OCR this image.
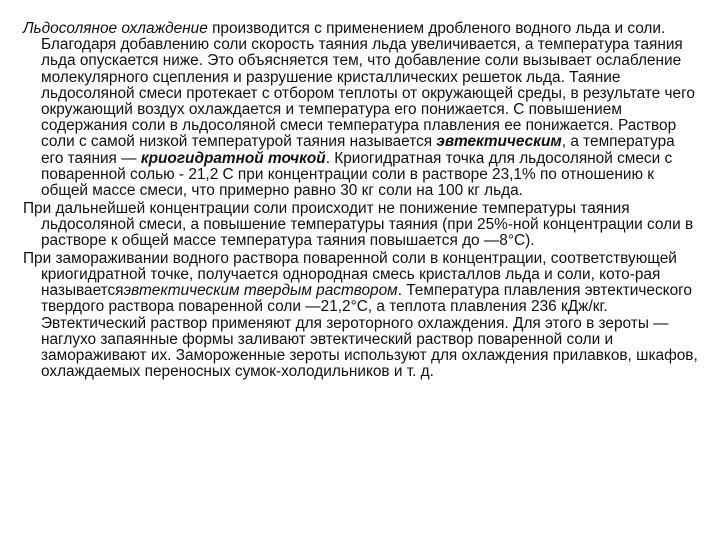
Льдосоляное охлаждение производится с применением дробленого водного льда и соли. Благодаря добавлению соли скорость таяния льда увеличивается, а температура таяния льда опускается ниже. Это объясняется тем, что добавление соли вызывает ослабление молекулярного сцепления и разрушение кристаллических решеток льда. Таяние льдосоляной смеси протекает с отбором теплоты от окружающей среды, в результате чего окружающий воздух охлаждается и температура его понижается. С повышением содержания соли в льдосоляной смеси температура плавления ее понижается. Раствор соли с самой низкой температурой таяния называется эвтектическим, а температура его таяния — криогидратной точкой. Криогидратная точка для льдосоляной смеси с поваренной солью - 21,2 С при концентрации соли в растворе 23,1% по отношению к общей массе смеси, что примерно равно 30 кг соли на 100 кг льда.

При дальнейшей концентрации соли происходит не понижение температуры таяния льдосоляной смеси, а повышение температуры таяния (при 25%-ной концентрации соли в растворе к общей массе температура таяния повышается до —8°С).

При замораживании водного раствора поваренной соли в концентрации, соответствующей криогидратной точке, получается однородная смесь кристаллов льда и соли, кото-рая называетсяэвтектическим твердым раствором. Температура плавления эвтектического твердого раствора поваренной соли —21,2°С, а теплота плавления 236 кДж/кг. Эвтектический раствор применяют для зероторного охлаждения. Для этого в зероты — наглухо запаянные формы заливают эвтектический раствор поваренной соли и замораживают их. Замороженные зероты используют для охлаждения прилавков, шкафов, охлаждаемых переносных сумок-холодильников и т. д.
